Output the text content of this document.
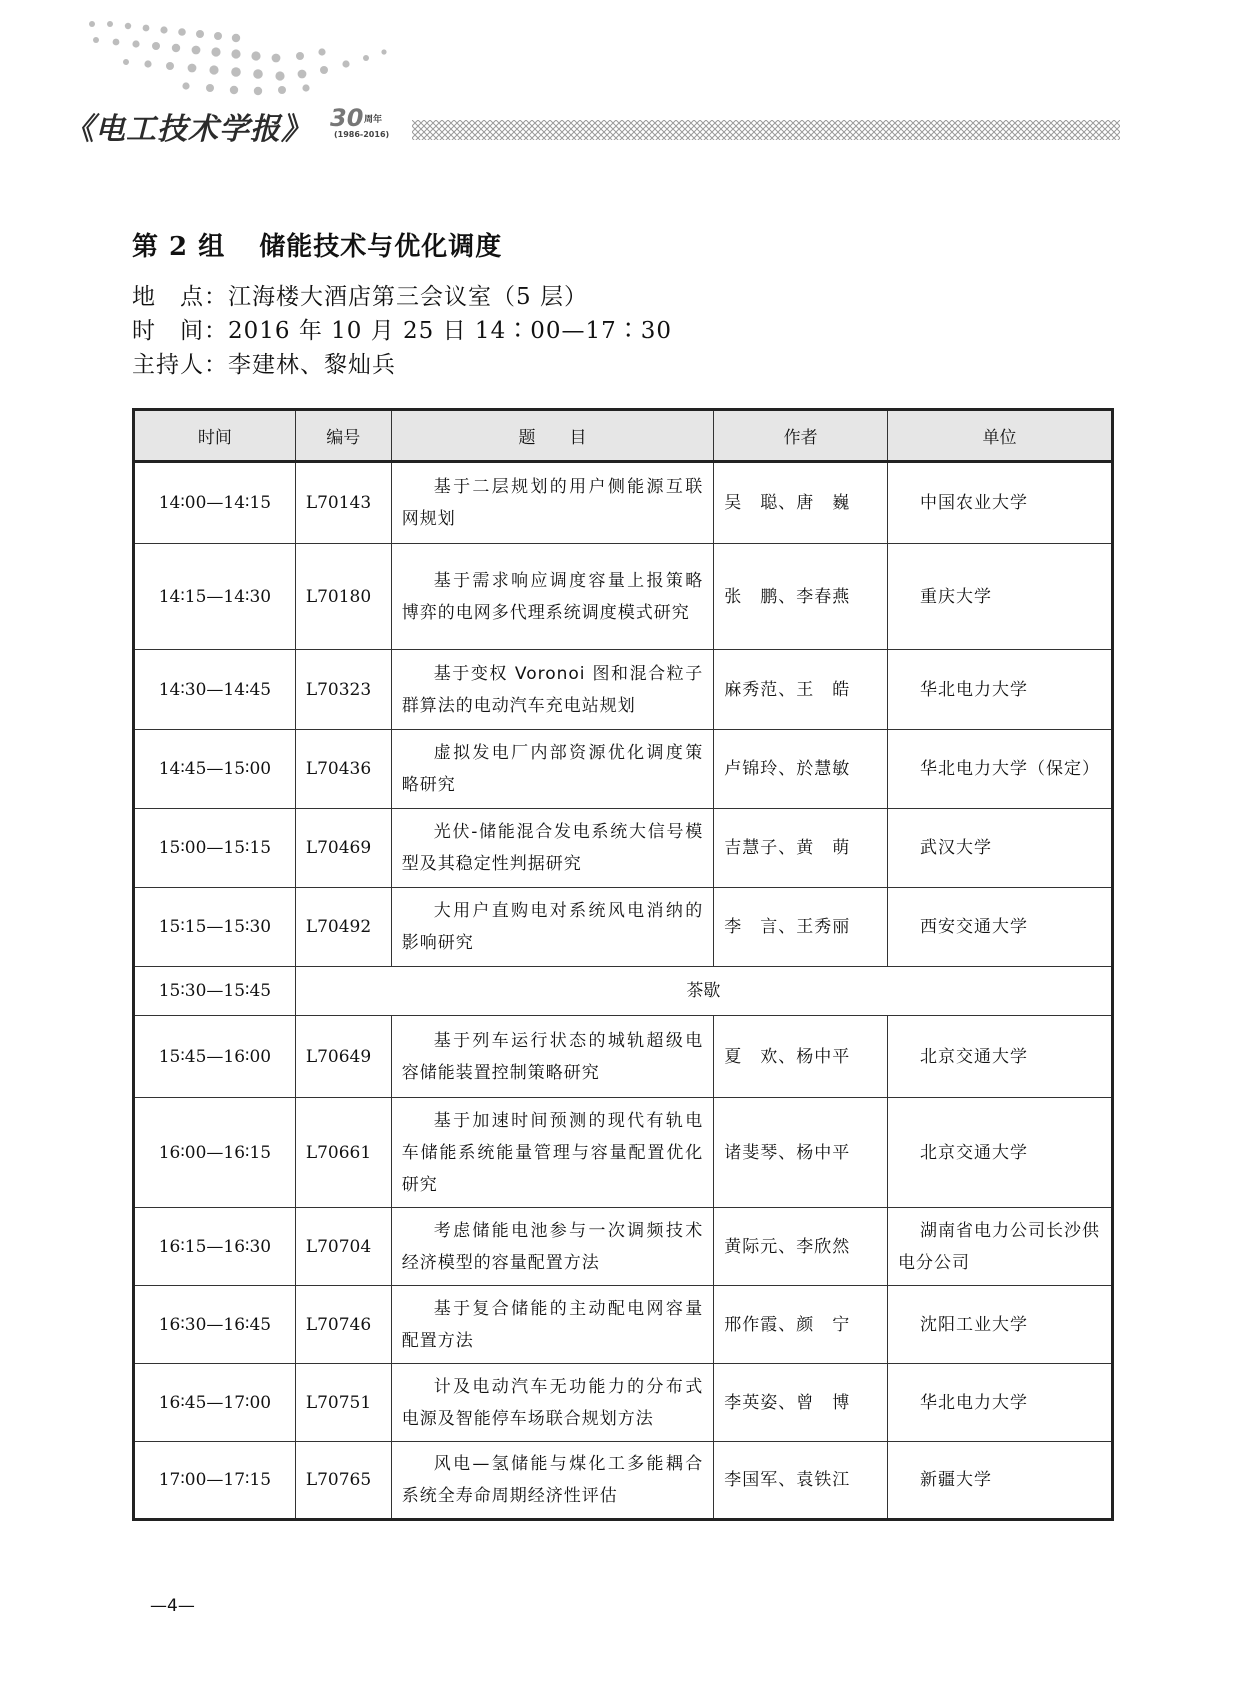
《电工技术学报》 30 周年
(1986-2016)
第 2 组 储能技术与优化调度
地　点：江海楼大酒店第三会议室（5 层）
时　间：2016 年 10 月 25 日 14∶00—17∶30
主持人：李建林、黎灿兵
时间	编号	题　　目	作者	单位
14∶00—14∶15	L70143	基于二层规划的用户侧能源互联网规划	吴　聪、唐　巍	中国农业大学
14∶15—14∶30	L70180	基于需求响应调度容量上报策略博弈的电网多代理系统调度模式研究	张　鹏、李春燕	重庆大学
14∶30—14∶45	L70323	基于变权 Voronoi 图和混合粒子群算法的电动汽车充电站规划	麻秀范、王　皓	华北电力大学
14∶45—15∶00	L70436	虚拟发电厂内部资源优化调度策略研究	卢锦玲、於慧敏	华北电力大学（保定）
15∶00—15∶15	L70469	光伏-储能混合发电系统大信号模型及其稳定性判据研究	吉慧子、黄　萌	武汉大学
15∶15—15∶30	L70492	大用户直购电对系统风电消纳的影响研究	李　言、王秀丽	西安交通大学
15∶30—15∶45	茶歇			
15∶45—16∶00	L70649	基于列车运行状态的城轨超级电容储能装置控制策略研究	夏　欢、杨中平	北京交通大学
16∶00—16∶15	L70661	基于加速时间预测的现代有轨电车储能系统能量管理与容量配置优化研究	诸斐琴、杨中平	北京交通大学
16∶15—16∶30	L70704	考虑储能电池参与一次调频技术经济模型的容量配置方法	黄际元、李欣然	湖南省电力公司长沙供电分公司
16∶30—16∶45	L70746	基于复合储能的主动配电网容量配置方法	邢作霞、颜　宁	沈阳工业大学
16∶45—17∶00	L70751	计及电动汽车无功能力的分布式电源及智能停车场联合规划方法	李英姿、曾　博	华北电力大学
17∶00—17∶15	L70765	风电—氢储能与煤化工多能耦合系统全寿命周期经济性评估	李国军、袁铁江	新疆大学
—4—
